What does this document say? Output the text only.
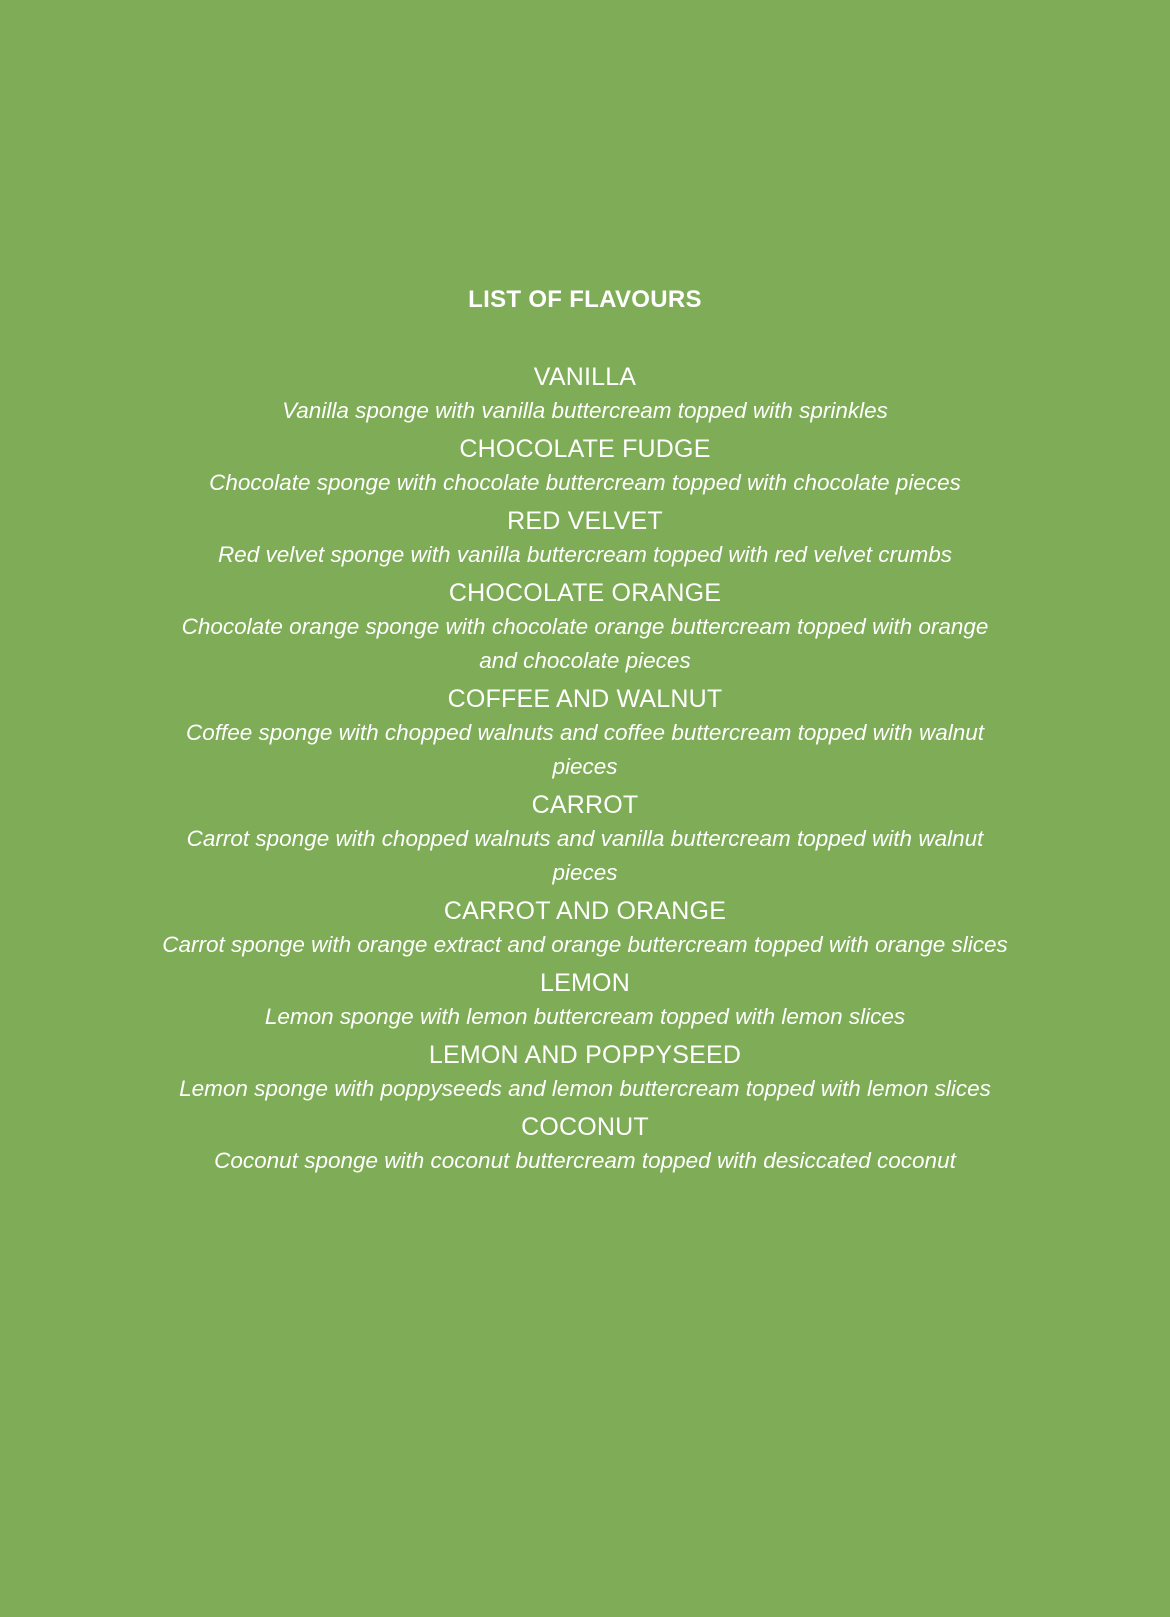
LIST OF FLAVOURS
VANILLA
Vanilla sponge with vanilla buttercream topped with sprinkles
CHOCOLATE FUDGE
Chocolate sponge with chocolate buttercream topped with chocolate pieces
RED VELVET
Red velvet sponge with vanilla buttercream topped with red velvet crumbs
CHOCOLATE ORANGE
Chocolate orange sponge with chocolate orange buttercream topped with orange and chocolate pieces
COFFEE AND WALNUT
Coffee sponge with chopped walnuts and coffee buttercream topped with walnut pieces
CARROT
Carrot sponge with chopped walnuts and vanilla buttercream topped with walnut pieces
CARROT AND ORANGE
Carrot sponge with orange extract and orange buttercream topped with orange slices
LEMON
Lemon sponge with lemon buttercream topped with lemon slices
LEMON AND POPPYSEED
Lemon sponge with poppyseeds and lemon buttercream topped with lemon slices
COCONUT
Coconut sponge with coconut buttercream topped with desiccated coconut
